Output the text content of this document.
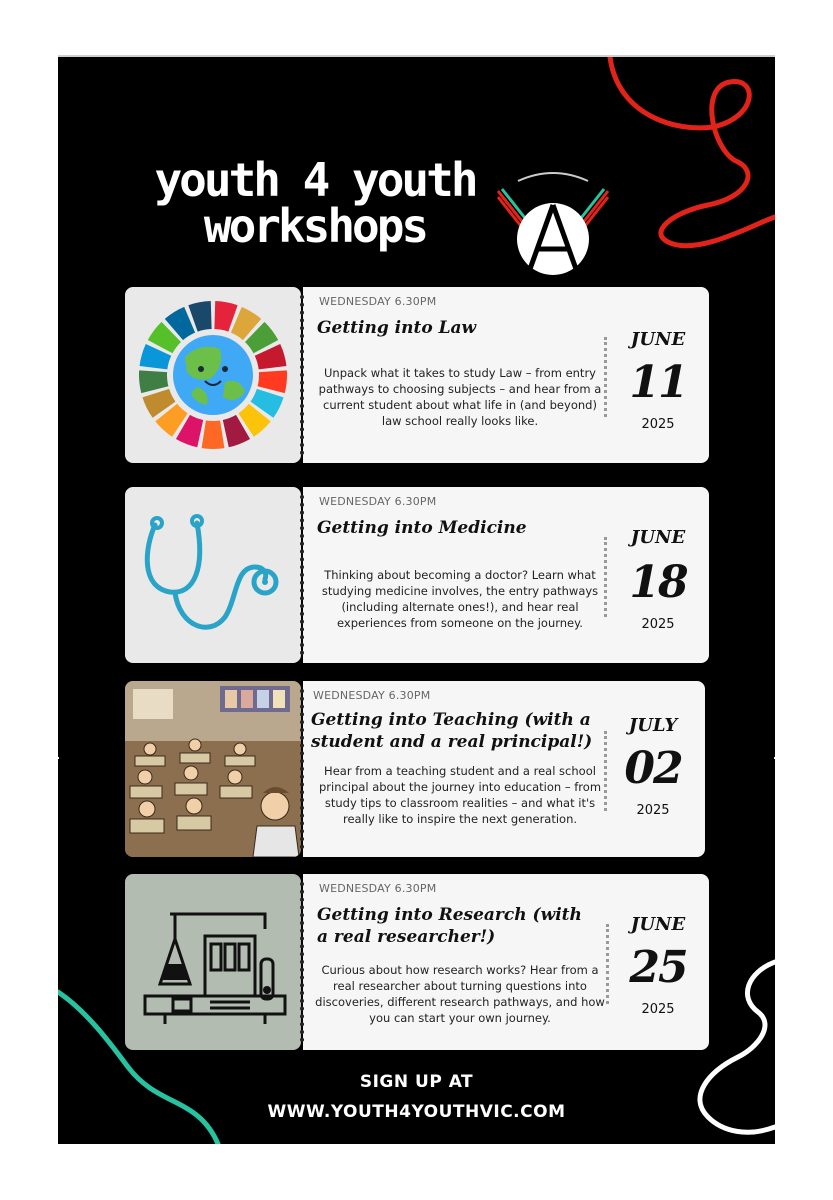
youth 4 youth
workshops
WEDNESDAY 6.30PM
Getting into Law
Unpack what it takes to study Law – from entry pathways to choosing subjects – and hear from a current student about what life in (and beyond) law school really looks like.
JUNE
11
2025
WEDNESDAY 6.30PM
Getting into Medicine
Thinking about becoming a doctor? Learn what studying medicine involves, the entry pathways (including alternate ones!), and hear real experiences from someone on the journey.
JUNE
18
2025
WEDNESDAY 6.30PM
Getting into Teaching (with a student and a real principal!)
Hear from a teaching student and a real school principal about the journey into education – from study tips to classroom realities – and what it's really like to inspire the next generation.
JULY
02
2025
WEDNESDAY 6.30PM
Getting into Research (with a real researcher!)
Curious about how research works? Hear from a real researcher about turning questions into discoveries, different research pathways, and how you can start your own journey.
JUNE
25
2025
SIGN UP AT
WWW.YOUTH4YOUTHVIC.COM
